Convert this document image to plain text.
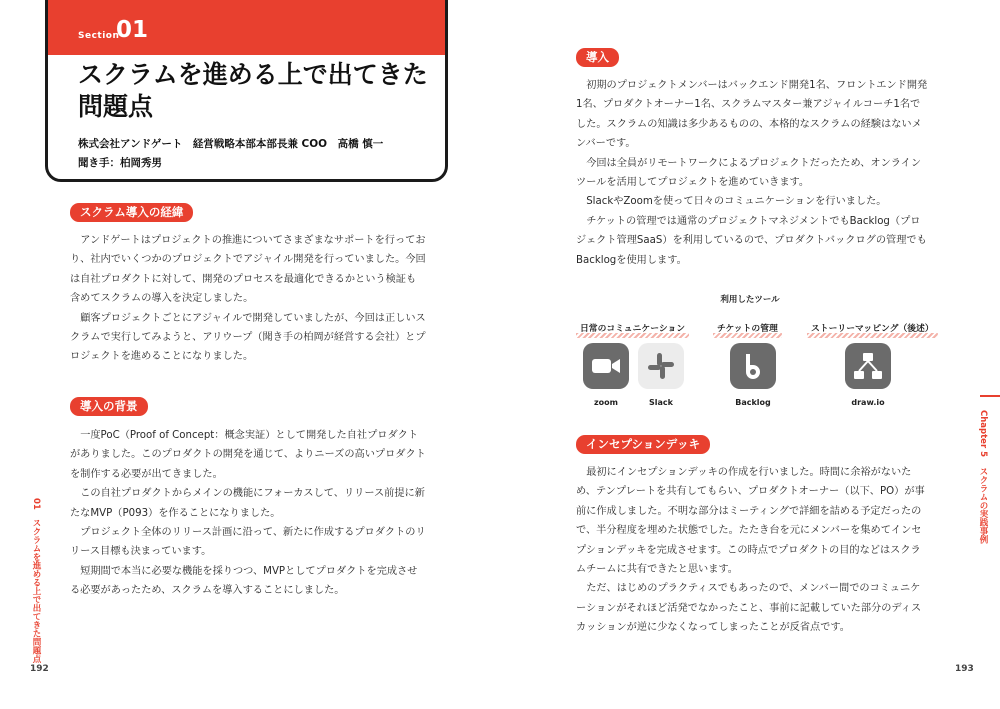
Section
01
スクラムを進める上で出てきた
問題点
株式会社アンドゲート　経営戦略本部本部長兼 COO　高橋 慎一
聞き手：柏岡秀男
スクラム導入の経緯

アンドゲートはプロジェクトの推進についてさまざまなサポートを行っており、社内でいくつかのプロジェクトでアジャイル開発を行っていました。今回は自社プロダクトに対して、開発のプロセスを最適化できるかという検証も含めてスクラムの導入を決定しました。

顧客プロジェクトごとにアジャイルで開発していましたが、今回は正しいスクラムで実行してみようと、アリウープ（聞き手の柏岡が経営する会社）とプロジェクトを進めることになりました。

導入の背景

一度PoC（Proof of Concept：概念実証）として開発した自社プロダクトがありました。このプロダクトの開発を通じて、よりニーズの高いプロダクトを制作する必要が出てきました。

この自社プロダクトからメインの機能にフォーカスして、リリース前提に新たなMVP（P093）を作ることになりました。

プロジェクト全体のリリース計画に沿って、新たに作成するプロダクトのリリース目標も決まっています。

短期間で本当に必要な機能を採りつつ、MVPとしてプロダクトを完成させる必要があったため、スクラムを導入することにしました。

01　スクラムを進める上で出てきた問題点
192
導入

初期のプロジェクトメンバーはバックエンド開発1名、フロントエンド開発1名、プロダクトオーナー1名、スクラムマスター兼アジャイルコーチ1名でした。スクラムの知識は多少あるものの、本格的なスクラムの経験はないメンバーです。

今回は全員がリモートワークによるプロジェクトだったため、オンラインツールを活用してプロジェクトを進めていきます。

SlackやZoomを使って日々のコミュニケーションを行いました。

チケットの管理では通常のプロジェクトマネジメントでもBacklog（プロジェクト管理SaaS）を利用しているので、プロダクトバックログの管理でもBacklogを使用します。

利用したツール
日常のコミュニケーション	チケットの管理	ストーリーマッピング（後述）
zoom	Slack	Backlog	draw.io
インセプションデッキ

最初にインセプションデッキの作成を行いました。時間に余裕がないため、テンプレートを共有してもらい、プロダクトオーナー（以下、PO）が事前に作成しました。不明な部分はミーティングで詳細を詰める予定だったので、半分程度を埋めた状態でした。たたき台を元にメンバーを集めてインセプションデッキを完成させます。この時点でプロダクトの目的などはスクラムチームに共有できたと思います。

ただ、はじめのプラクティスでもあったので、メンバー間でのコミュニケーションがそれほど活発でなかったこと、事前に記載していた部分のディスカッションが逆に少なくなってしまったことが反省点です。

Chapter 5スクラムの実践事例
193
